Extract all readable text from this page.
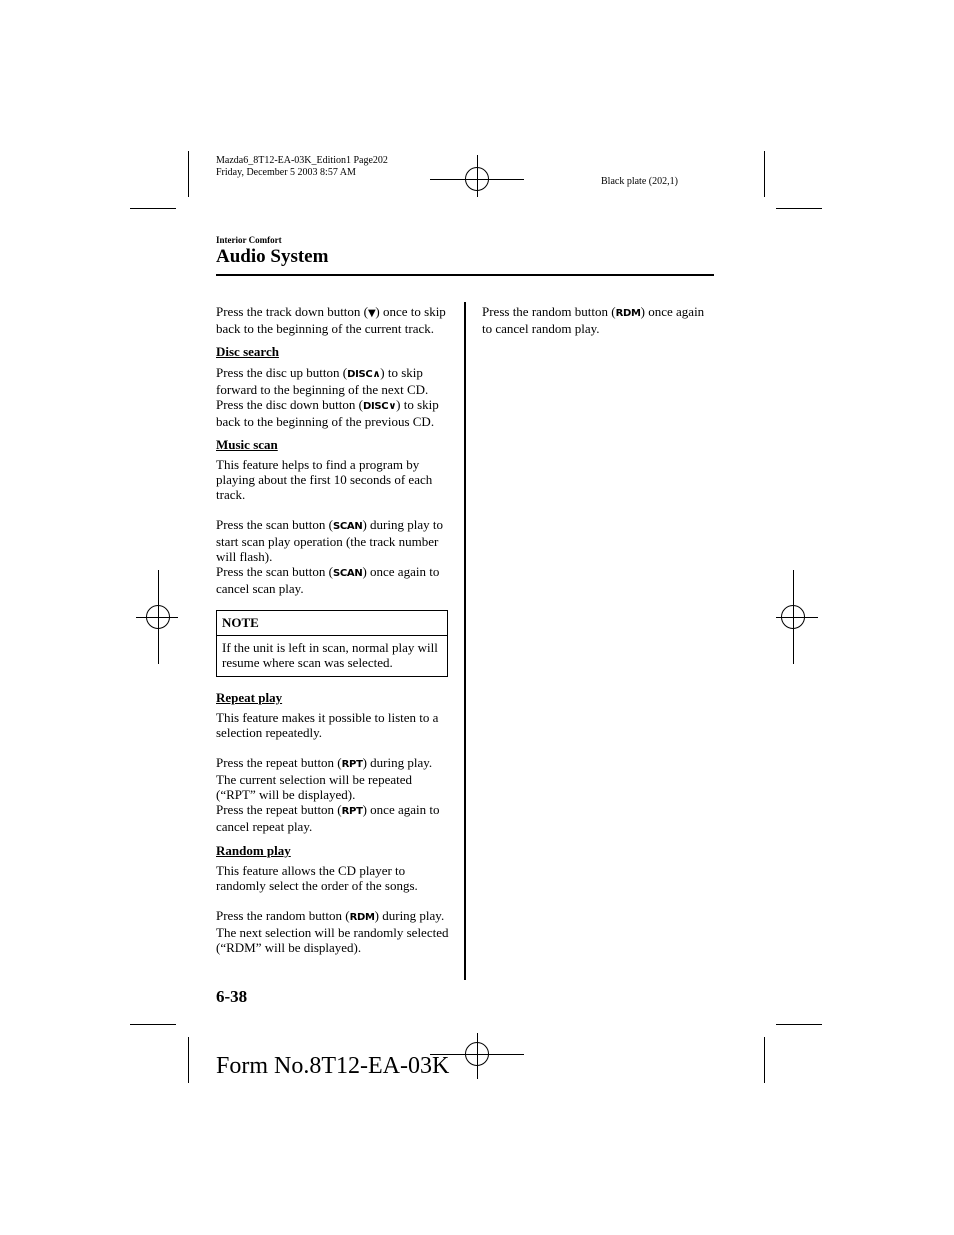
Mazda6_8T12-EA-03K_Edition1 Page202
Friday, December 5 2003 8:57 AM
Black plate (202,1)
Interior Comfort
Audio System

Press the track down button (▼) once to skip back to the beginning of the current track.

Disc search

Press the disc up button (DISC∧) to skip forward to the beginning of the next CD.

Press the disc down button (DISC∨) to skip back to the beginning of the previous CD.

Music scan

This feature helps to find a program by playing about the first 10 seconds of each track.

Press the scan button (SCAN) during play to start scan play operation (the track number will flash).

Press the scan button (SCAN) once again to cancel scan play.

NOTE
If the unit is left in scan, normal play will resume where scan was selected.

Repeat play

This feature makes it possible to listen to a selection repeatedly.

Press the repeat button (RPT) during play. The current selection will be repeated (“RPT” will be displayed).

Press the repeat button (RPT) once again to cancel repeat play.

Random play

This feature allows the CD player to randomly select the order of the songs.

Press the random button (RDM) during play. The next selection will be randomly selected (“RDM” will be displayed).

Press the random button (RDM) once again to cancel random play.

6-38
Form No.8T12-EA-03K
